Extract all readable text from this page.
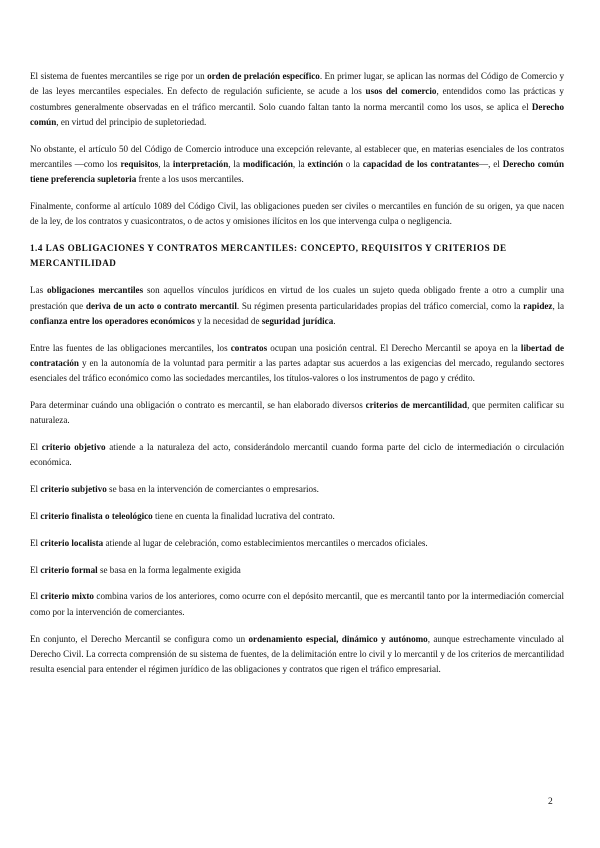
El sistema de fuentes mercantiles se rige por un orden de prelación específico. En primer lugar, se aplican las normas del Código de Comercio y de las leyes mercantiles especiales. En defecto de regulación suficiente, se acude a los usos del comercio, entendidos como las prácticas y costumbres generalmente observadas en el tráfico mercantil. Solo cuando faltan tanto la norma mercantil como los usos, se aplica el Derecho común, en virtud del principio de supletoriedad.

No obstante, el artículo 50 del Código de Comercio introduce una excepción relevante, al establecer que, en materias esenciales de los contratos mercantiles —como los requisitos, la interpretación, la modificación, la extinción o la capacidad de los contratantes—, el Derecho común tiene preferencia supletoria frente a los usos mercantiles.

Finalmente, conforme al artículo 1089 del Código Civil, las obligaciones pueden ser civiles o mercantiles en función de su origen, ya que nacen de la ley, de los contratos y cuasicontratos, o de actos y omisiones ilícitos en los que intervenga culpa o negligencia.

1.4 LAS OBLIGACIONES Y CONTRATOS MERCANTILES: CONCEPTO, REQUISITOS Y CRITERIOS DE MERCANTILIDAD

Las obligaciones mercantiles son aquellos vínculos jurídicos en virtud de los cuales un sujeto queda obligado frente a otro a cumplir una prestación que deriva de un acto o contrato mercantil. Su régimen presenta particularidades propias del tráfico comercial, como la rapidez, la confianza entre los operadores económicos y la necesidad de seguridad jurídica.

Entre las fuentes de las obligaciones mercantiles, los contratos ocupan una posición central. El Derecho Mercantil se apoya en la libertad de contratación y en la autonomía de la voluntad para permitir a las partes adaptar sus acuerdos a las exigencias del mercado, regulando sectores esenciales del tráfico económico como las sociedades mercantiles, los títulos-valores o los instrumentos de pago y crédito.

Para determinar cuándo una obligación o contrato es mercantil, se han elaborado diversos criterios de mercantilidad, que permiten calificar su naturaleza.

El criterio objetivo atiende a la naturaleza del acto, considerándolo mercantil cuando forma parte del ciclo de intermediación o circulación económica.

El criterio subjetivo se basa en la intervención de comerciantes o empresarios.

El criterio finalista o teleológico tiene en cuenta la finalidad lucrativa del contrato.

El criterio localista atiende al lugar de celebración, como establecimientos mercantiles o mercados oficiales.

El criterio formal se basa en la forma legalmente exigida

El criterio mixto combina varios de los anteriores, como ocurre con el depósito mercantil, que es mercantil tanto por la intermediación comercial como por la intervención de comerciantes.

En conjunto, el Derecho Mercantil se configura como un ordenamiento especial, dinámico y autónomo, aunque estrechamente vinculado al Derecho Civil. La correcta comprensión de su sistema de fuentes, de la delimitación entre lo civil y lo mercantil y de los criterios de mercantilidad resulta esencial para entender el régimen jurídico de las obligaciones y contratos que rigen el tráfico empresarial.

2
